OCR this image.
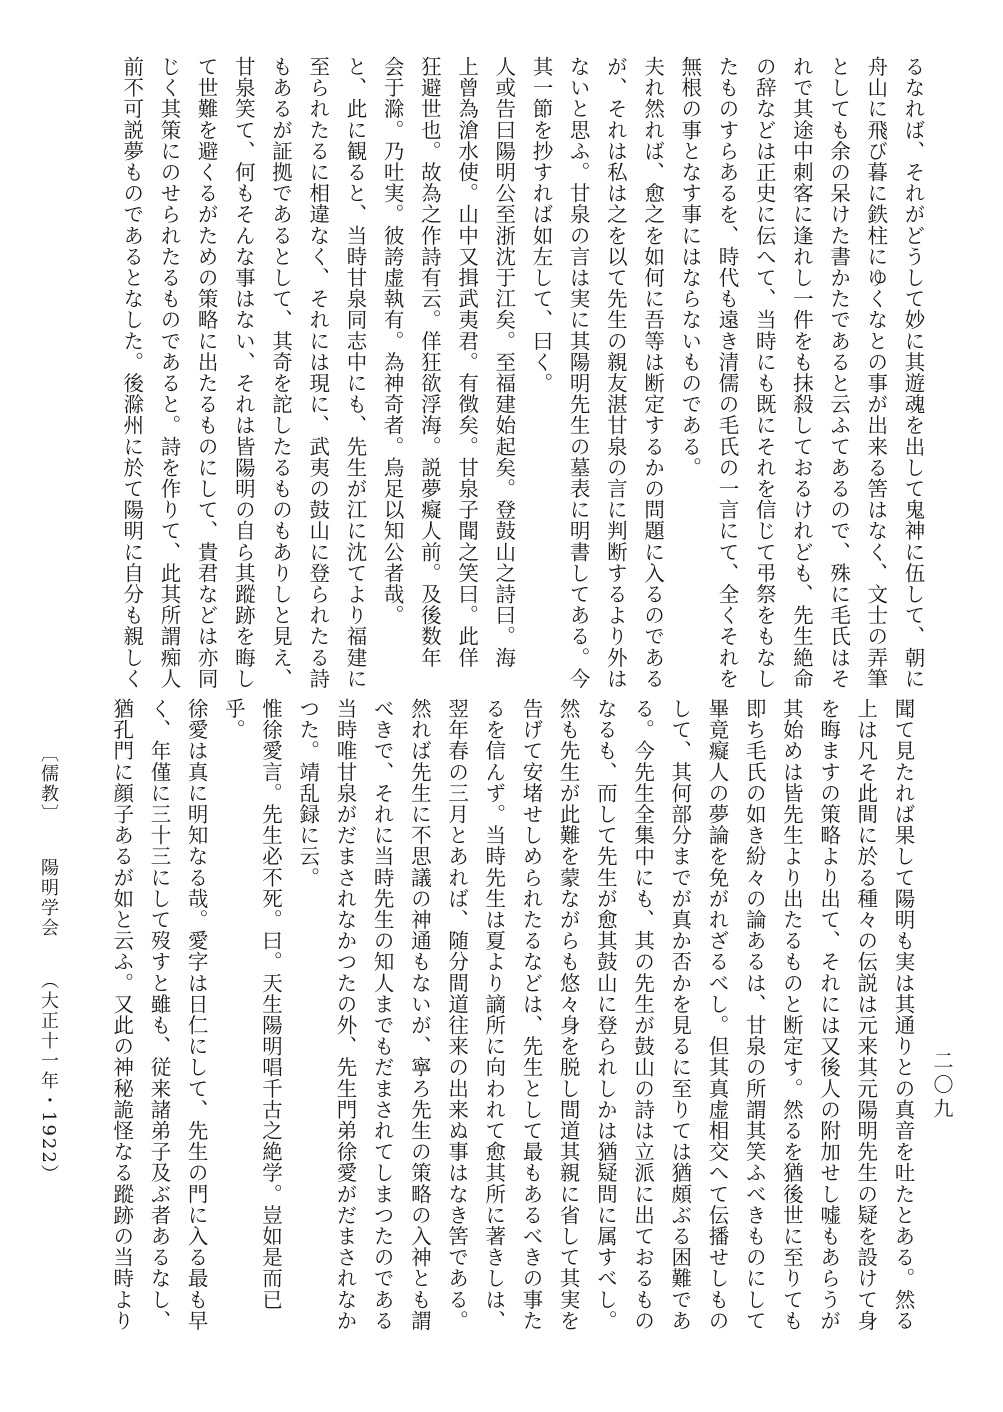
るなれば、それがどうして妙に其遊魂を出して鬼神に伍して、朝に
舟山に飛び暮に鉄柱にゆくなとの事が出来る筈はなく、文士の弄筆
としても余の呆けた書かたであると云ふてあるので、殊に毛氏はそ
れで其途中刺客に逢れし一件をも抹殺しておるけれども、先生絶命
の辞などは正史に伝へて、当時にも既にそれを信じて弔祭をもなし
たものすらあるを、時代も遠き清儒の毛氏の一言にて、全くそれを
無根の事となす事にはならないものである。
夫れ然れば、愈之を如何に吾等は断定するかの問題に入るのである
が、それは私は之を以て先生の親友湛甘泉の言に判断するより外は
ないと思ふ。甘泉の言は実に其陽明先生の墓表に明書してある。今
其一節を抄すれば如左して、曰く。
人或告曰陽明公至浙沈于江矣。至福建始起矣。登鼓山之詩曰。海
上曾為滄水使。山中又揖武夷君。有徴矣。甘泉子聞之笑曰。此佯
狂避世也。故為之作詩有云。佯狂欲浮海。説夢癡人前。及後数年
会于滁。乃吐実。彼誇虚執有。為神奇者。烏足以知公者哉。
と、此に観ると、当時甘泉同志中にも、先生が江に沈てより福建に
至られたるに相違なく、それには現に、武夷の鼓山に登られたる詩
もあるが証拠であるとして、其奇を詑したるものもありしと見え、
甘泉笑て、何もそんな事はない、それは皆陽明の自ら其蹤跡を晦し
て世難を避くるがための策略に出たるものにして、貴君などは亦同
じく其策にのせられたるものであると。詩を作りて、此其所謂痴人
前不可説夢ものであるとなした。後滁州に於て陽明に自分も親しく
聞て見たれば果して陽明も実は其通りとの真音を吐たとある。然る
上は凡そ此間に於る種々の伝説は元来其元陽明先生の疑を設けて身
を晦ますの策略より出て、それには又後人の附加せし嘘もあらうが
其始めは皆先生より出たるものと断定す。然るを猶後世に至りても
即ち毛氏の如き紛々の論あるは、甘泉の所謂其笑ふべきものにして
畢竟癡人の夢論を免がれざるべし。但其真虚相交へて伝播せしもの
して、其何部分までが真か否かを見るに至りては猶頗ぶる困難であ
る。今先生全集中にも、其の先生が鼓山の詩は立派に出ておるもの
なるも、而して先生が愈其鼓山に登られしかは猶疑問に属すべし。
然も先生が此難を蒙ながらも悠々身を脱し間道其親に省して其実を
告げて安堵せしめられたるなどは、先生として最もあるべきの事た
るを信んず。当時先生は夏より謫所に向われて愈其所に著きしは、
翌年春の三月とあれば、随分間道往来の出来ぬ事はなき筈である。
然れば先生に不思議の神通もないが、寧ろ先生の策略の入神とも謂
べきで、それに当時先生の知人までもだまされてしまつたのである
当時唯甘泉がだまされなかつたの外、先生門弟徐愛がだまされなか
つた。靖乱録に云。
惟徐愛言。先生必不死。曰。天生陽明唱千古之絶学。豈如是而已
乎。
徐愛は真に明知なる哉。愛字は日仁にして、先生の門に入る最も早
く、年僅に三十三にして歿すと雖も、従来諸弟子及ぶ者あるなし、
猶孔門に顔子あるが如と云ふ。又此の神秘詭怪なる蹤跡の当時より
〔儒教〕 陽明学会 （大正十一年・1922）	二〇九
